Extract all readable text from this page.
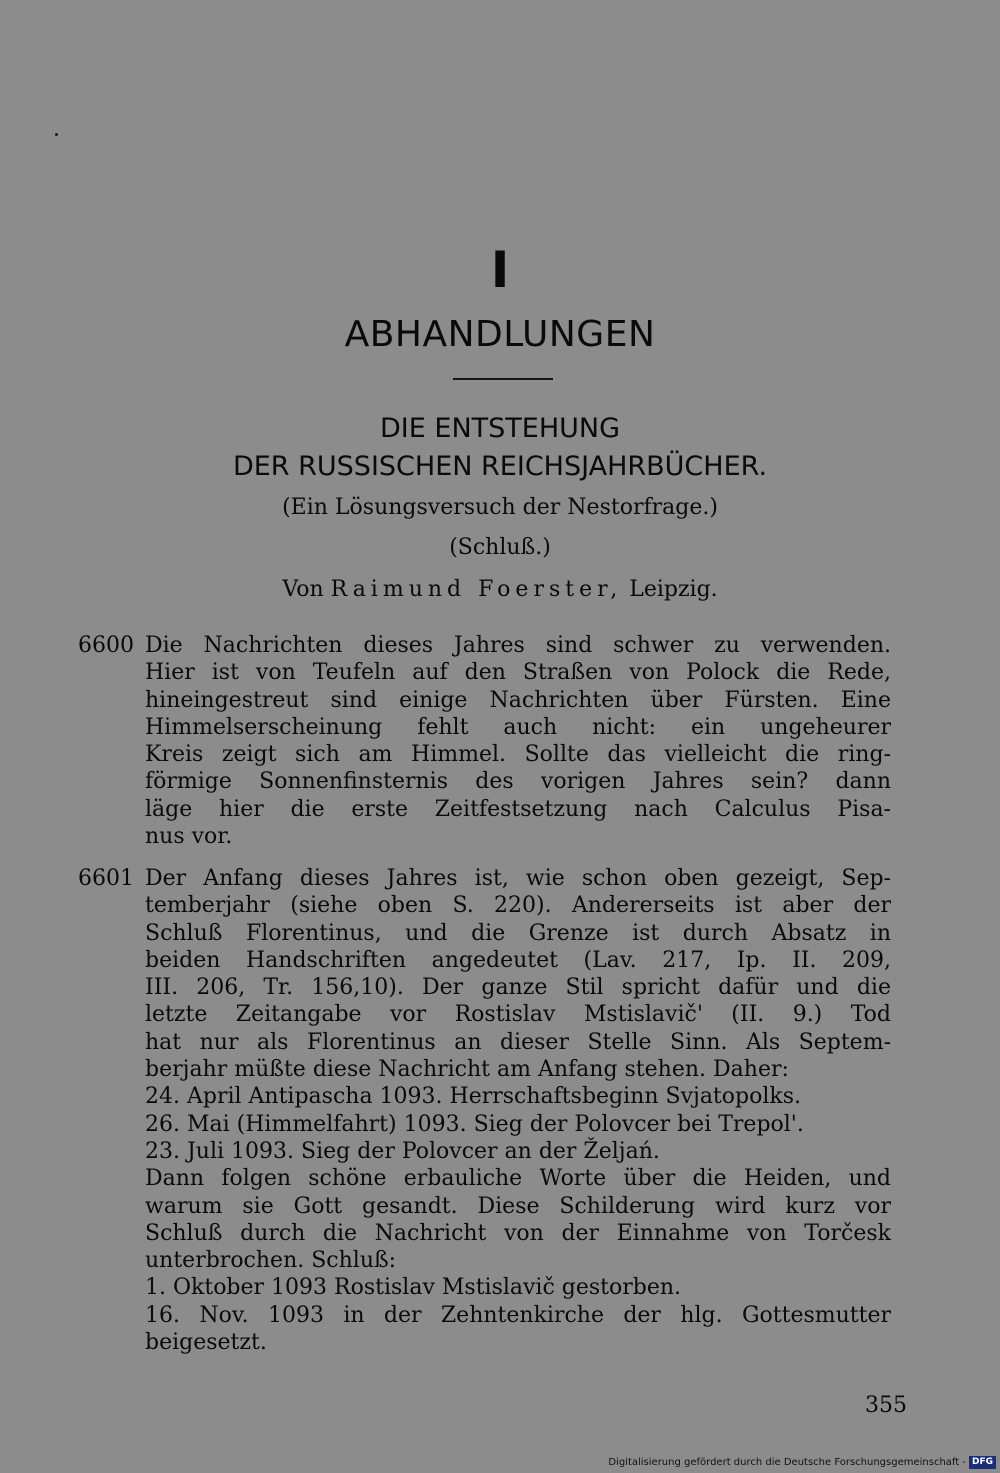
I
ABHANDLUNGEN
DIE ENTSTEHUNG
DER RUSSISCHEN REICHSJAHRBÜCHER.
(Ein Lösungsversuch der Nestorfrage.)
(Schluß.)
Von Raimund Foerster, Leipzig.
6600 Die Nachrichten dieses Jahres sind schwer zu verwenden.
Hier ist von Teufeln auf den Straßen von Polock die Rede,
hineingestreut sind einige Nachrichten über Fürsten. Eine
Himmelserscheinung fehlt auch nicht: ein ungeheurer
Kreis zeigt sich am Himmel. Sollte das vielleicht die ring-
förmige Sonnenfinsternis des vorigen Jahres sein? dann
läge hier die erste Zeitfestsetzung nach Calculus Pisa-
nus vor.
6601 Der Anfang dieses Jahres ist, wie schon oben gezeigt, Sep-
temberjahr (siehe oben S. 220). Andererseits ist aber der
Schluß Florentinus, und die Grenze ist durch Absatz in
beiden Handschriften angedeutet (Lav. 217, Ip. II. 209,
III. 206, Tr. 156,10). Der ganze Stil spricht dafür und die
letzte Zeitangabe vor Rostislav Mstislavič' (II. 9.) Tod
hat nur als Florentinus an dieser Stelle Sinn. Als Septem-
berjahr müßte diese Nachricht am Anfang stehen. Daher:
24. April Antipascha 1093. Herrschaftsbeginn Svjatopolks.
26. Mai (Himmelfahrt) 1093. Sieg der Polovcer bei Trepol'.
23. Juli 1093. Sieg der Polovcer an der Željań.
Dann folgen schöne erbauliche Worte über die Heiden, und
warum sie Gott gesandt. Diese Schilderung wird kurz vor
Schluß durch die Nachricht von der Einnahme von Torčesk
unterbrochen. Schluß:
1. Oktober 1093 Rostislav Mstislavič gestorben.
16. Nov. 1093 in der Zehntenkirche der hlg. Gottesmutter
beigesetzt.
355
Digitalisierung gefördert durch die Deutsche Forschungsgemeinschaft - DFG
